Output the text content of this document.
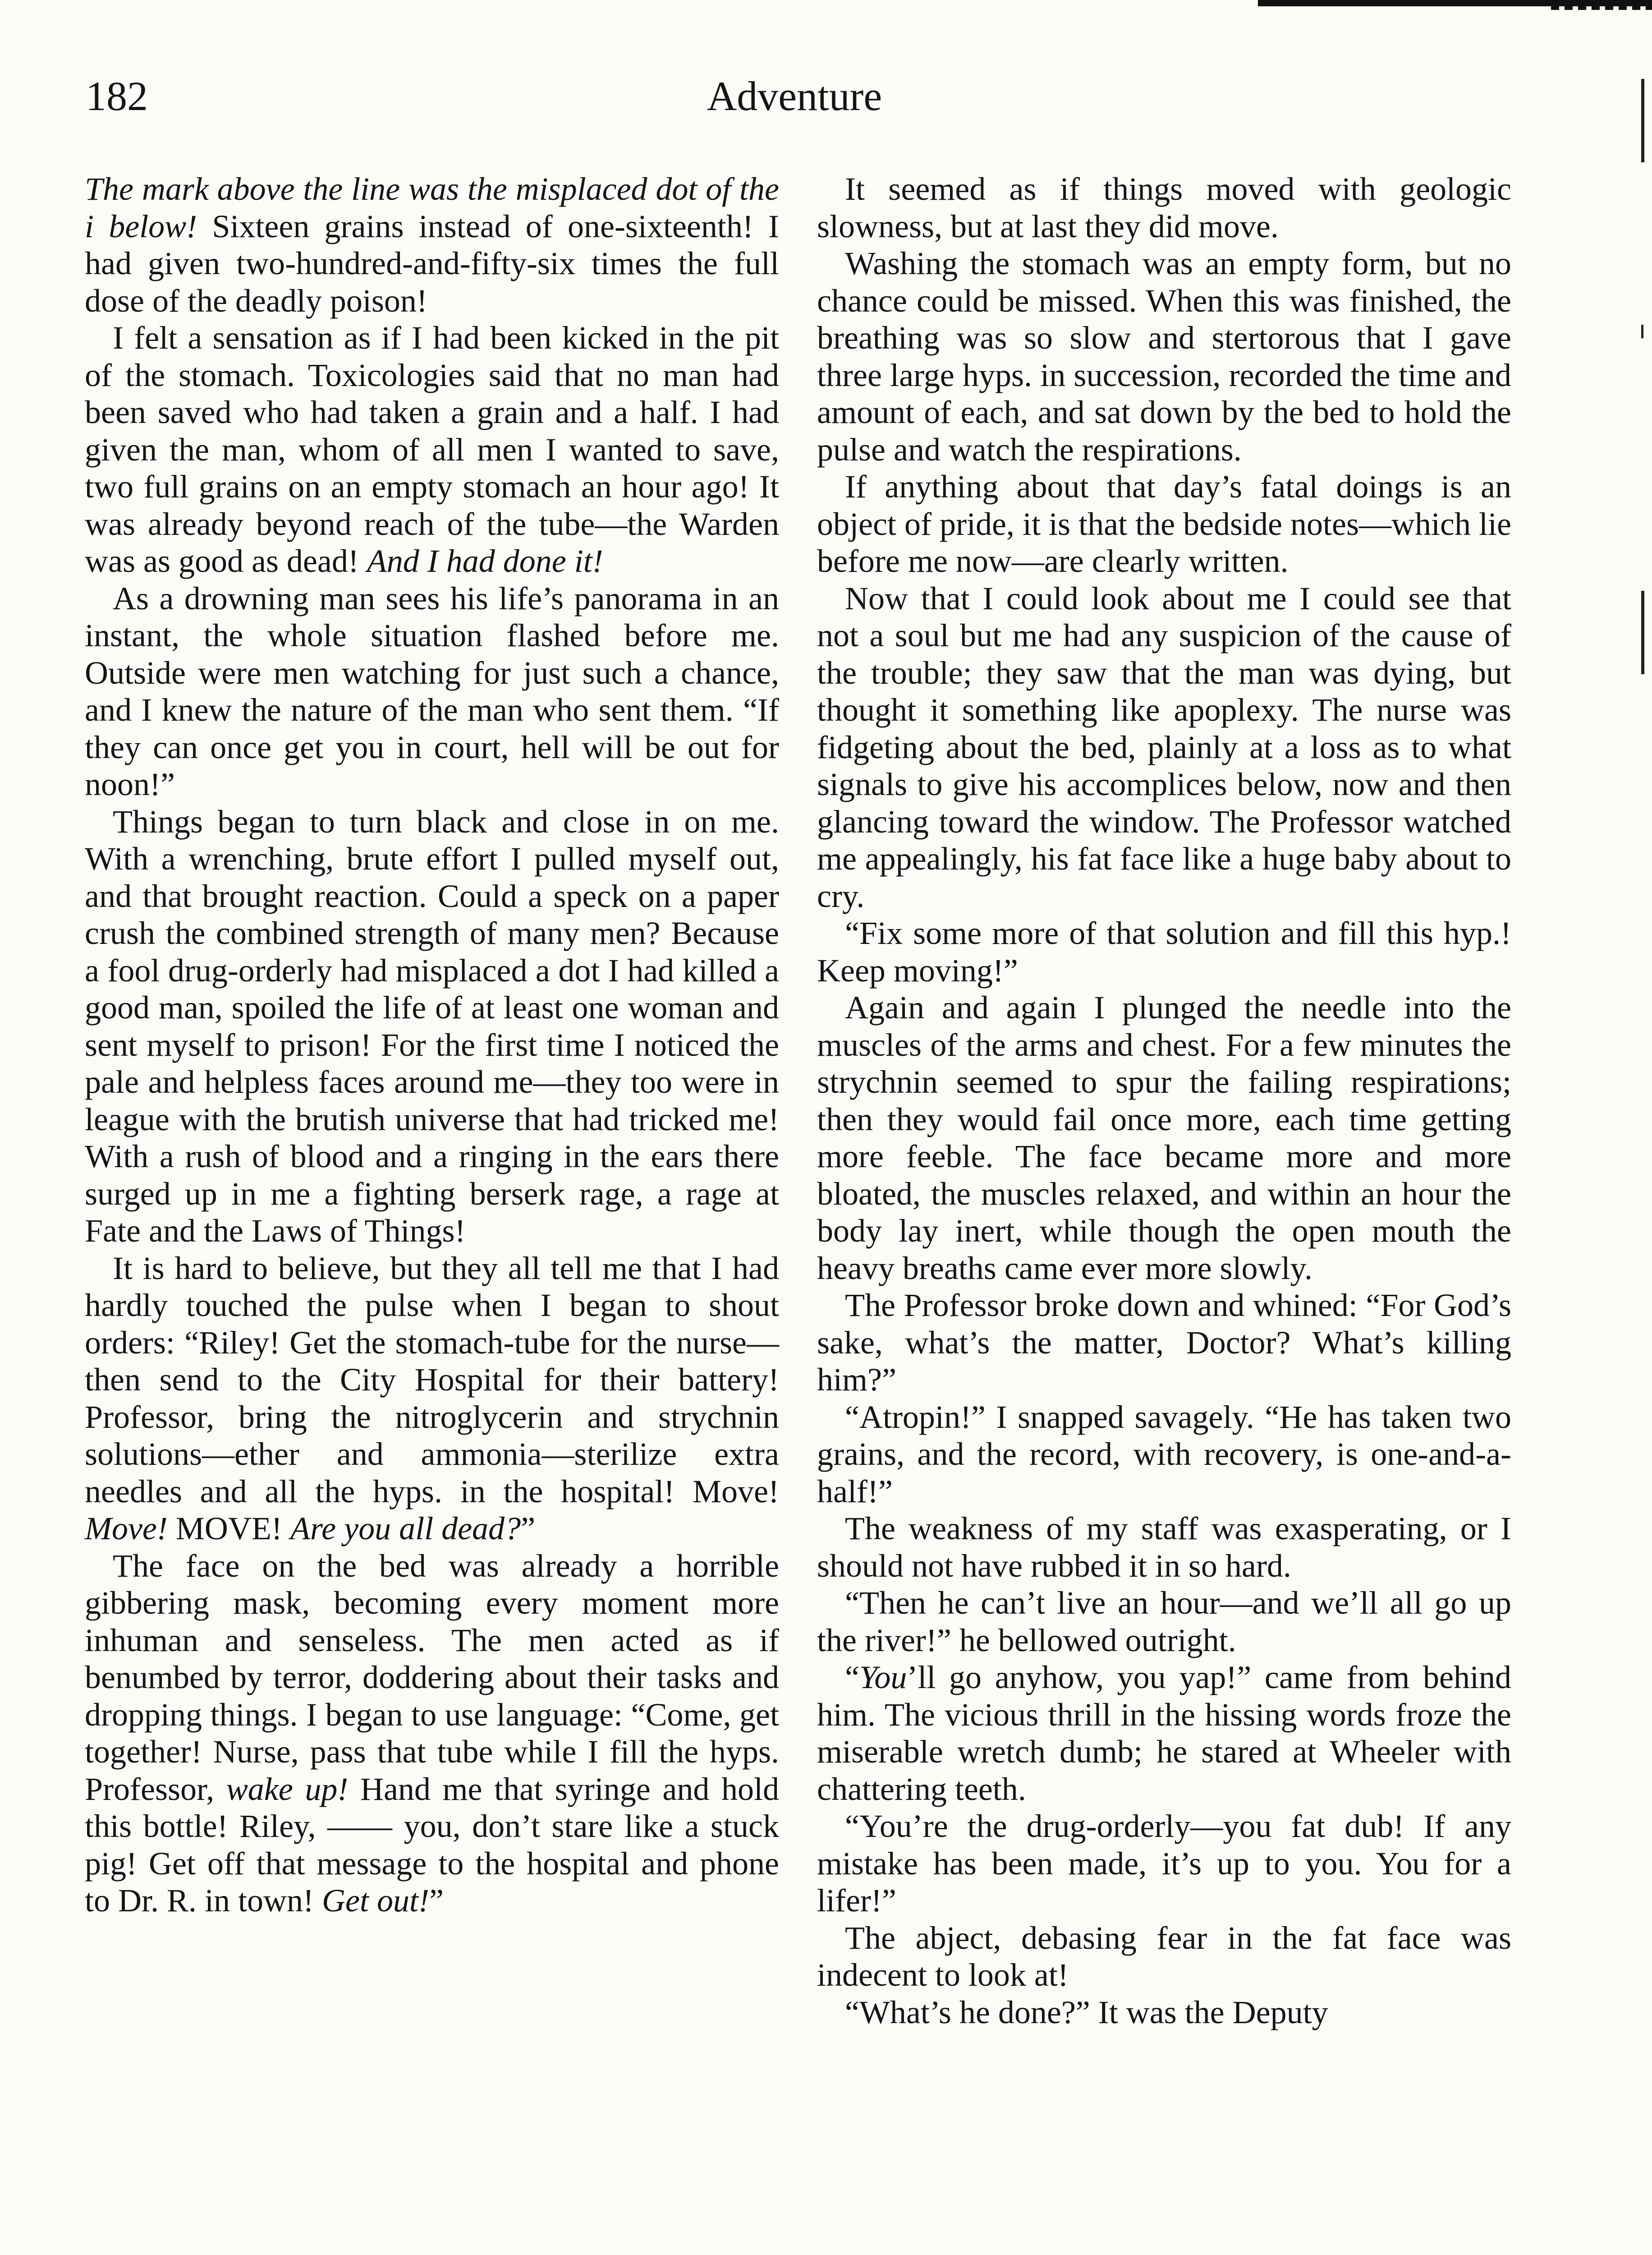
182	Adventure

The mark above the line was the misplaced dot of the i below! Sixteen grains instead of one-sixteenth! I had given two-hundred-and-fifty-six times the full dose of the deadly poison!

I felt a sensation as if I had been kicked in the pit of the stomach. Toxicologies said that no man had been saved who had taken a grain and a half. I had given the man, whom of all men I wanted to save, two full grains on an empty stomach an hour ago! It was already beyond reach of the tube—the Warden was as good as dead! And I had done it!

As a drowning man sees his life’s panorama in an instant, the whole situation flashed before me. Outside were men watching for just such a chance, and I knew the nature of the man who sent them. “If they can once get you in court, hell will be out for noon!”

Things began to turn black and close in on me. With a wrenching, brute effort I pulled myself out, and that brought reaction. Could a speck on a paper crush the combined strength of many men? Because a fool drug-orderly had misplaced a dot I had killed a good man, spoiled the life of at least one woman and sent myself to prison! For the first time I noticed the pale and helpless faces around me—they too were in league with the brutish universe that had tricked me! With a rush of blood and a ringing in the ears there surged up in me a fighting berserk rage, a rage at Fate and the Laws of Things!

It is hard to believe, but they all tell me that I had hardly touched the pulse when I began to shout orders: “Riley! Get the stomach-tube for the nurse—then send to the City Hospital for their battery! Professor, bring the nitroglycerin and strychnin solutions—ether and ammonia—sterilize extra needles and all the hyps. in the hospital! Move! Move! MOVE! Are you all dead?”

The face on the bed was already a horrible gibbering mask, becoming every moment more inhuman and senseless. The men acted as if benumbed by terror, doddering about their tasks and dropping things. I began to use language: “Come, get together! Nurse, pass that tube while I fill the hyps. Professor, wake up! Hand me that syringe and hold this bottle! Riley, —— you, don’t stare like a stuck pig! Get off that message to the hospital and phone to Dr. R. in town! Get out!”

It seemed as if things moved with geologic slowness, but at last they did move.

Washing the stomach was an empty form, but no chance could be missed. When this was finished, the breathing was so slow and stertorous that I gave three large hyps. in succession, recorded the time and amount of each, and sat down by the bed to hold the pulse and watch the respirations.

If anything about that day’s fatal doings is an object of pride, it is that the bedside notes—which lie before me now—are clearly written.

Now that I could look about me I could see that not a soul but me had any suspicion of the cause of the trouble; they saw that the man was dying, but thought it something like apoplexy. The nurse was fidgeting about the bed, plainly at a loss as to what signals to give his accomplices below, now and then glancing toward the window. The Professor watched me appealingly, his fat face like a huge baby about to cry.

“Fix some more of that solution and fill this hyp.! Keep moving!”

Again and again I plunged the needle into the muscles of the arms and chest. For a few minutes the strychnin seemed to spur the failing respirations; then they would fail once more, each time getting more feeble. The face became more and more bloated, the muscles relaxed, and within an hour the body lay inert, while though the open mouth the heavy breaths came ever more slowly.

The Professor broke down and whined: “For God’s sake, what’s the matter, Doctor? What’s killing him?”

“Atropin!” I snapped savagely. “He has taken two grains, and the record, with recovery, is one-and-a-half!”

The weakness of my staff was exasperating, or I should not have rubbed it in so hard.

“Then he can’t live an hour—and we’ll all go up the river!” he bellowed outright.

“You’ll go anyhow, you yap!” came from behind him. The vicious thrill in the hissing words froze the miserable wretch dumb; he stared at Wheeler with chattering teeth.

“You’re the drug-orderly—you fat dub! If any mistake has been made, it’s up to you. You for a lifer!”

The abject, debasing fear in the fat face was indecent to look at!

“What’s he done?” It was the Deputy
